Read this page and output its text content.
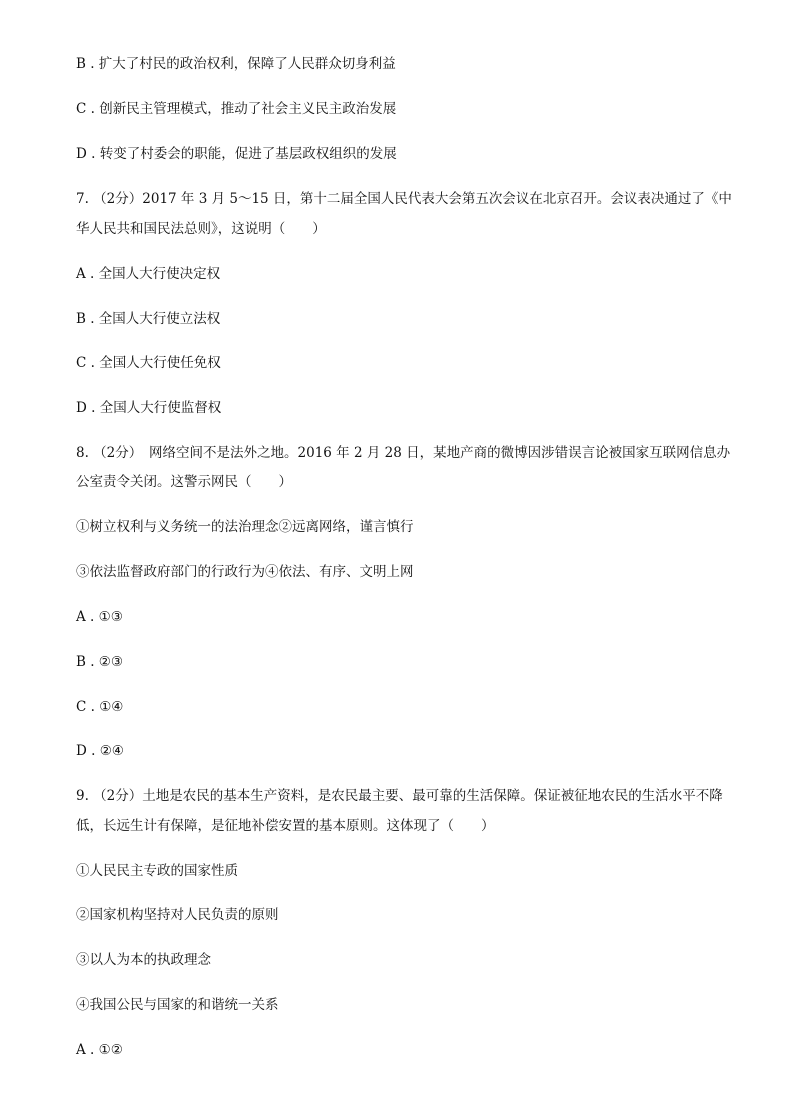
B . 扩大了村民的政治权利，保障了人民群众切身利益
C . 创新民主管理模式，推动了社会主义民主政治发展
D . 转变了村委会的职能，促进了基层政权组织的发展
7. （2分）2017 年 3 月 5～15 日，第十二届全国人民代表大会第五次会议在北京召开。会议表决通过了《中
华人民共和国民法总则》，这说明（　　）
A . 全国人大行使决定权
B . 全国人大行使立法权
C . 全国人大行使任免权
D . 全国人大行使监督权
8. （2分）　网络空间不是法外之地。2016 年 2 月 28 日，某地产商的微博因涉错误言论被国家互联网信息办
公室责令关闭。这警示网民（　　）
①树立权利与义务统一的法治理念②远离网络，谨言慎行
③依法监督政府部门的行政行为④依法、有序、文明上网
A . ①③
B . ②③
C . ①④
D . ②④
9. （2分）土地是农民的基本生产资料，是农民最主要、最可靠的生活保障。保证被征地农民的生活水平不降
低，长远生计有保障，是征地补偿安置的基本原则。这体现了（　　）
①人民民主专政的国家性质
②国家机构坚持对人民负责的原则
③以人为本的执政理念
④我国公民与国家的和谐统一关系
A . ①②
